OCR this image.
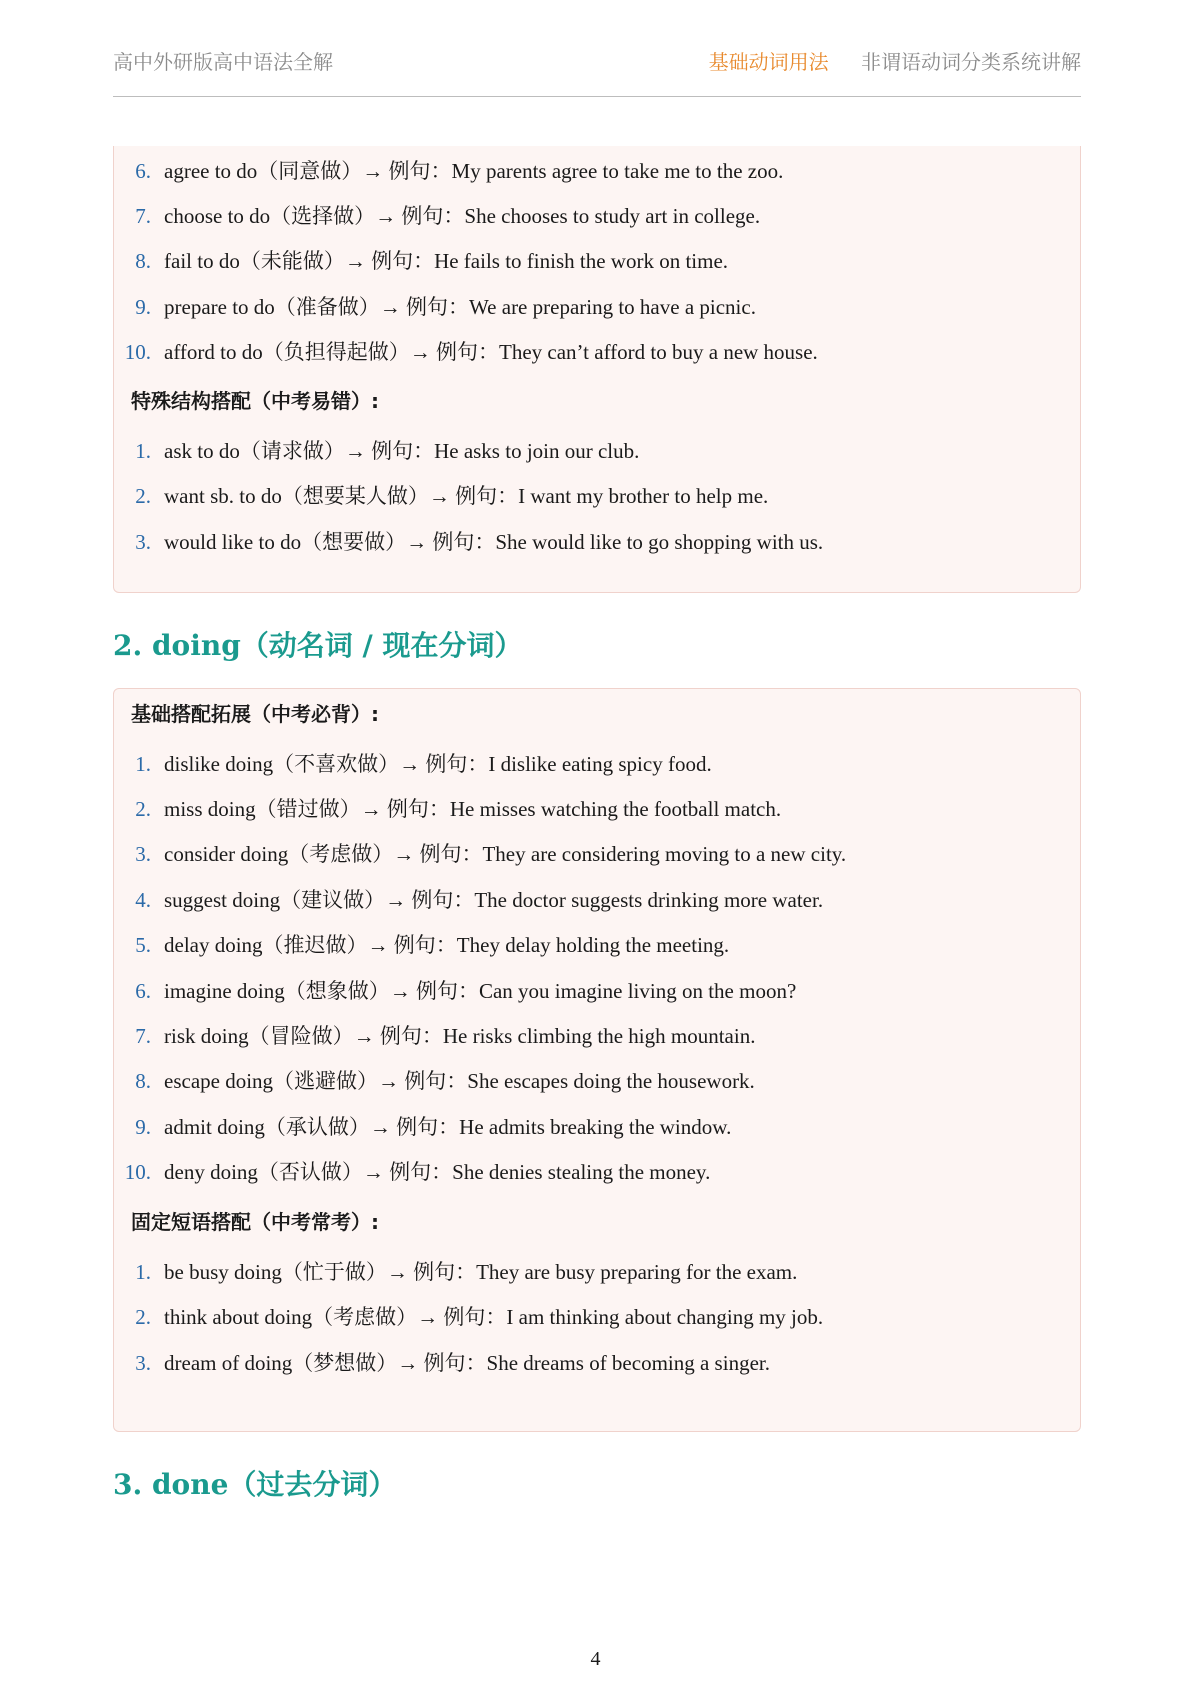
高中外研版高中语法全解	基础动词用法 非谓语动词分类系统讲解
6. agree to do（同意做）→ 例句：My parents agree to take me to the zoo.
7. choose to do（选择做）→ 例句：She chooses to study art in college.
8. fail to do（未能做）→ 例句：He fails to finish the work on time.
9. prepare to do（准备做）→ 例句：We are preparing to have a picnic.
10. afford to do（负担得起做）→ 例句：They can’t afford to buy a new house.
特殊结构搭配（中考易错）:
1. ask to do（请求做）→ 例句：He asks to join our club.
2. want sb. to do（想要某人做）→ 例句：I want my brother to help me.
3. would like to do（想要做）→ 例句：She would like to go shopping with us.
2. doing（动名词 / 现在分词）
基础搭配拓展（中考必背）:
1. dislike doing（不喜欢做）→ 例句：I dislike eating spicy food.
2. miss doing（错过做）→ 例句：He misses watching the football match.
3. consider doing（考虑做）→ 例句：They are considering moving to a new city.
4. suggest doing（建议做）→ 例句：The doctor suggests drinking more water.
5. delay doing（推迟做）→ 例句：They delay holding the meeting.
6. imagine doing（想象做）→ 例句：Can you imagine living on the moon?
7. risk doing（冒险做）→ 例句：He risks climbing the high mountain.
8. escape doing（逃避做）→ 例句：She escapes doing the housework.
9. admit doing（承认做）→ 例句：He admits breaking the window.
10. deny doing（否认做）→ 例句：She denies stealing the money.
固定短语搭配（中考常考）:
1. be busy doing（忙于做）→ 例句：They are busy preparing for the exam.
2. think about doing（考虑做）→ 例句：I am thinking about changing my job.
3. dream of doing（梦想做）→ 例句：She dreams of becoming a singer.
3. done（过去分词）
4
